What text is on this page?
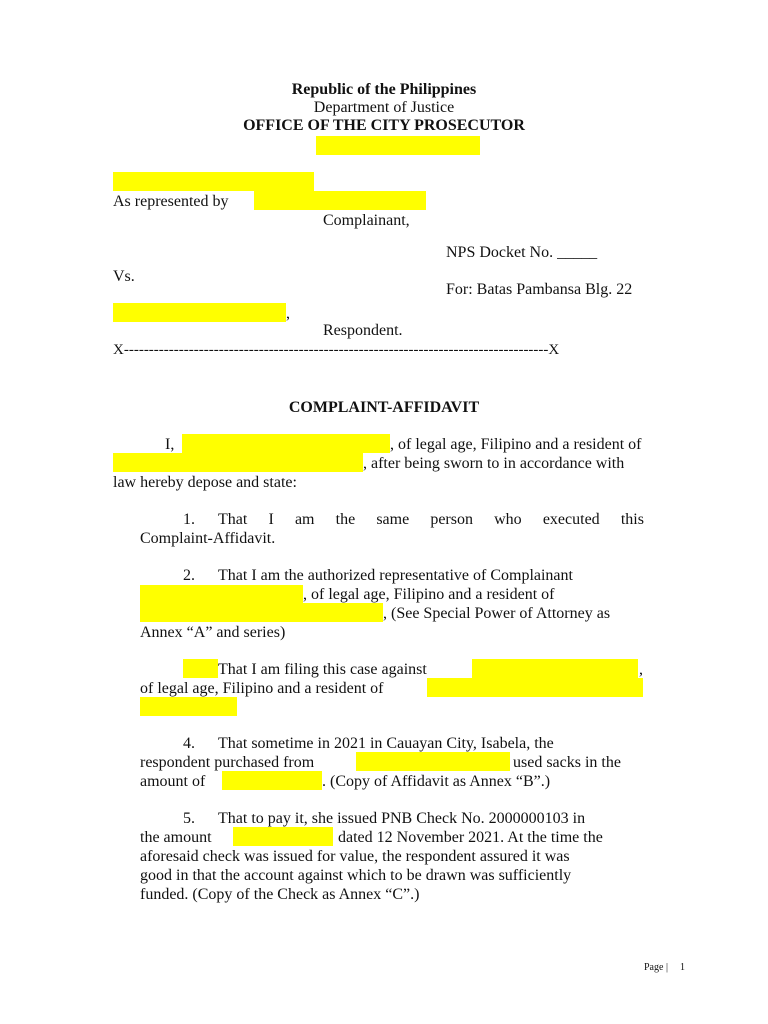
Republic of the Philippines
Department of Justice
OFFICE OF THE CITY PROSECUTOR
As represented by
Complainant,
NPS Docket No. _____
Vs.
For: Batas Pambansa Blg. 22
,
Respondent.
X-------------------------------------------------------------------------------------X
COMPLAINT-AFFIDAVIT
I,	, of legal age, Filipino and a resident of
, after being sworn to in accordance with
law hereby depose and state:
1. That I am the same person who executed this
Complaint-Affidavit.
2. That I am the authorized representative of Complainant
, of legal age, Filipino and a resident of
, (See Special Power of Attorney as
Annex “A” and series)
That I am filing this case against	,
of legal age, Filipino and a resident of
4. That sometime in 2021 in Cauayan City, Isabela, the
respondent purchased from	used sacks in the
amount of	. (Copy of Affidavit as Annex “B”.)
5. That to pay it, she issued PNB Check No. 2000000103 in
the amount	dated 12 November 2021. At the time the
aforesaid check was issued for value, the respondent assured it was
good in that the account against which to be drawn was sufficiently
funded. (Copy of the Check as Annex “C”.)
Page | 1
